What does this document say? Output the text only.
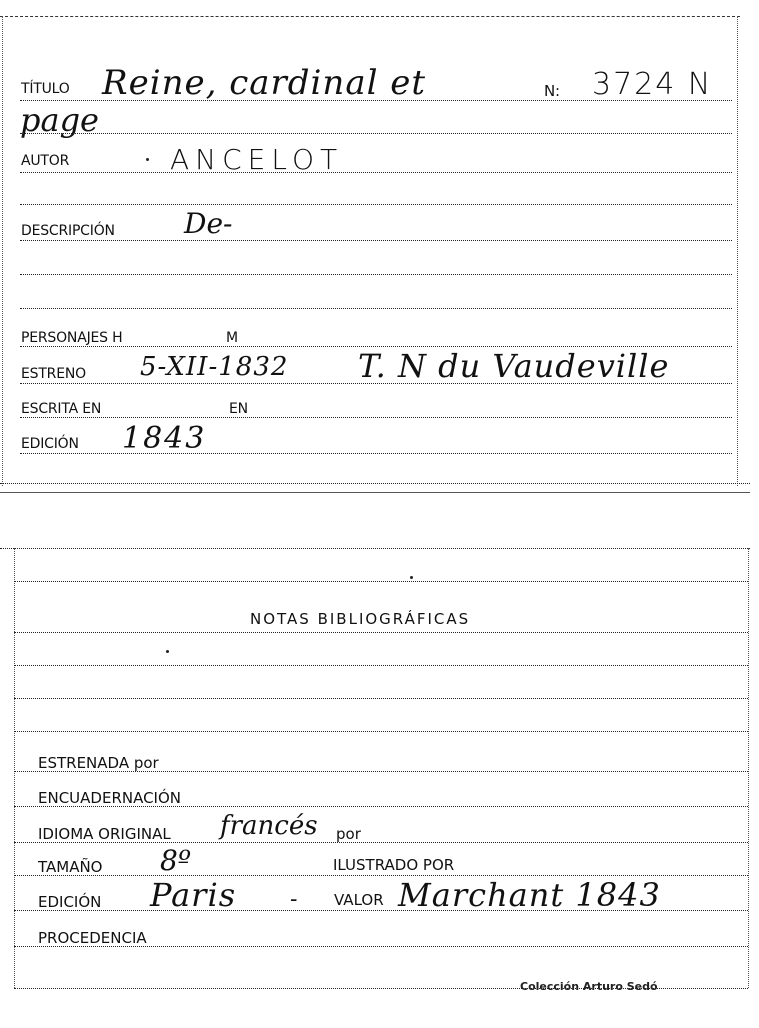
TÍTULO Reine, cardinal et	N: 3724 N
page
AUTOR	ANCELOT
DESCRIPCIÓN De-
PERSONAJES H	M
ESTRENO 5-XII-1832 T. N du Vaudeville
ESCRITA EN	EN
EDICIÓN 1843
NOTAS BIBLIOGRÁFICAS
ESTRENADA por
ENCUADERNACIÓN
IDIOMA ORIGINAL francés por
TAMAÑO 8º	ILUSTRADO POR
EDICIÓN Paris - VALOR Marchant 1843
PROCEDENCIA
Colección Arturo Sedó
